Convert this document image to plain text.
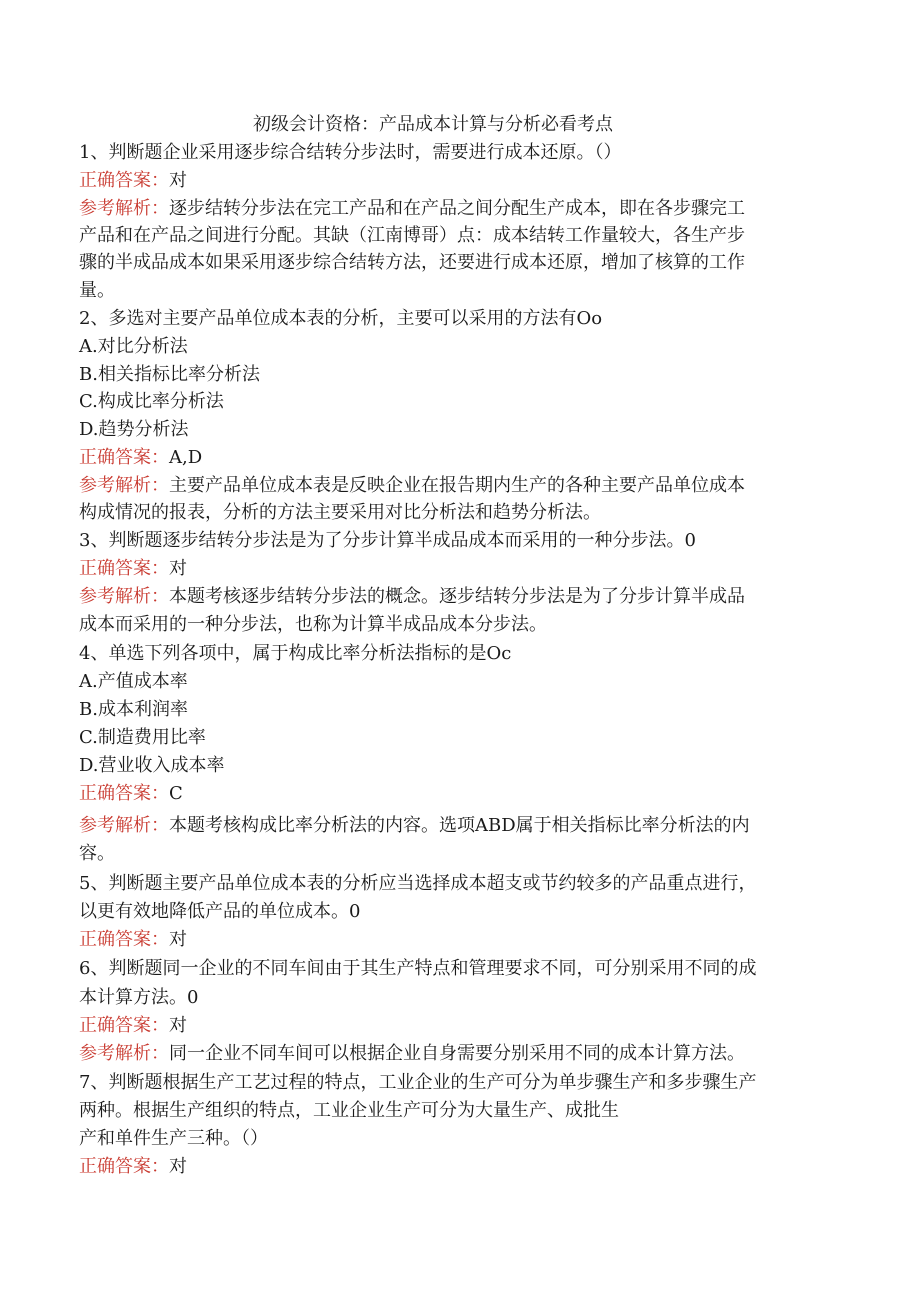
初级会计资格：产品成本计算与分析必看考点
1、判断题企业采用逐步综合结转分步法时，需要进行成本还原。（）
正确答案：对
参考解析：逐步结转分步法在完工产品和在产品之间分配生产成本，即在各步骤完工
产品和在产品之间进行分配。其缺（江南博哥）点：成本结转工作量较大，各生产步
骤的半成品成本如果采用逐步综合结转方法，还要进行成本还原，增加了核算的工作
量。
2、多选对主要产品单位成本表的分析，主要可以采用的方法有Oo
A.对比分析法
B.相关指标比率分析法
C.构成比率分析法
D.趋势分析法
正确答案：A,D
参考解析：主要产品单位成本表是反映企业在报告期内生产的各种主要产品单位成本
构成情况的报表，分析的方法主要采用对比分析法和趋势分析法。
3、判断题逐步结转分步法是为了分步计算半成品成本而采用的一种分步法。0
正确答案：对
参考解析：本题考核逐步结转分步法的概念。逐步结转分步法是为了分步计算半成品
成本而采用的一种分步法，也称为计算半成品成本分步法。
4、单选下列各项中，属于构成比率分析法指标的是Oc
A.产值成本率
B.成本利润率
C.制造费用比率
D.营业收入成本率
正确答案：C
参考解析：本题考核构成比率分析法的内容。选项ABD属于相关指标比率分析法的内
容。
5、判断题主要产品单位成本表的分析应当选择成本超支或节约较多的产品重点进行，
以更有效地降低产品的单位成本。0
正确答案：对
6、判断题同一企业的不同车间由于其生产特点和管理要求不同，可分别采用不同的成
本计算方法。0
正确答案：对
参考解析：同一企业不同车间可以根据企业自身需要分别采用不同的成本计算方法。
7、判断题根据生产工艺过程的特点，工业企业的生产可分为单步骤生产和多步骤生产
两种。根据生产组织的特点，工业企业生产可分为大量生产、成批生
产和单件生产三种。（）
正确答案：对
